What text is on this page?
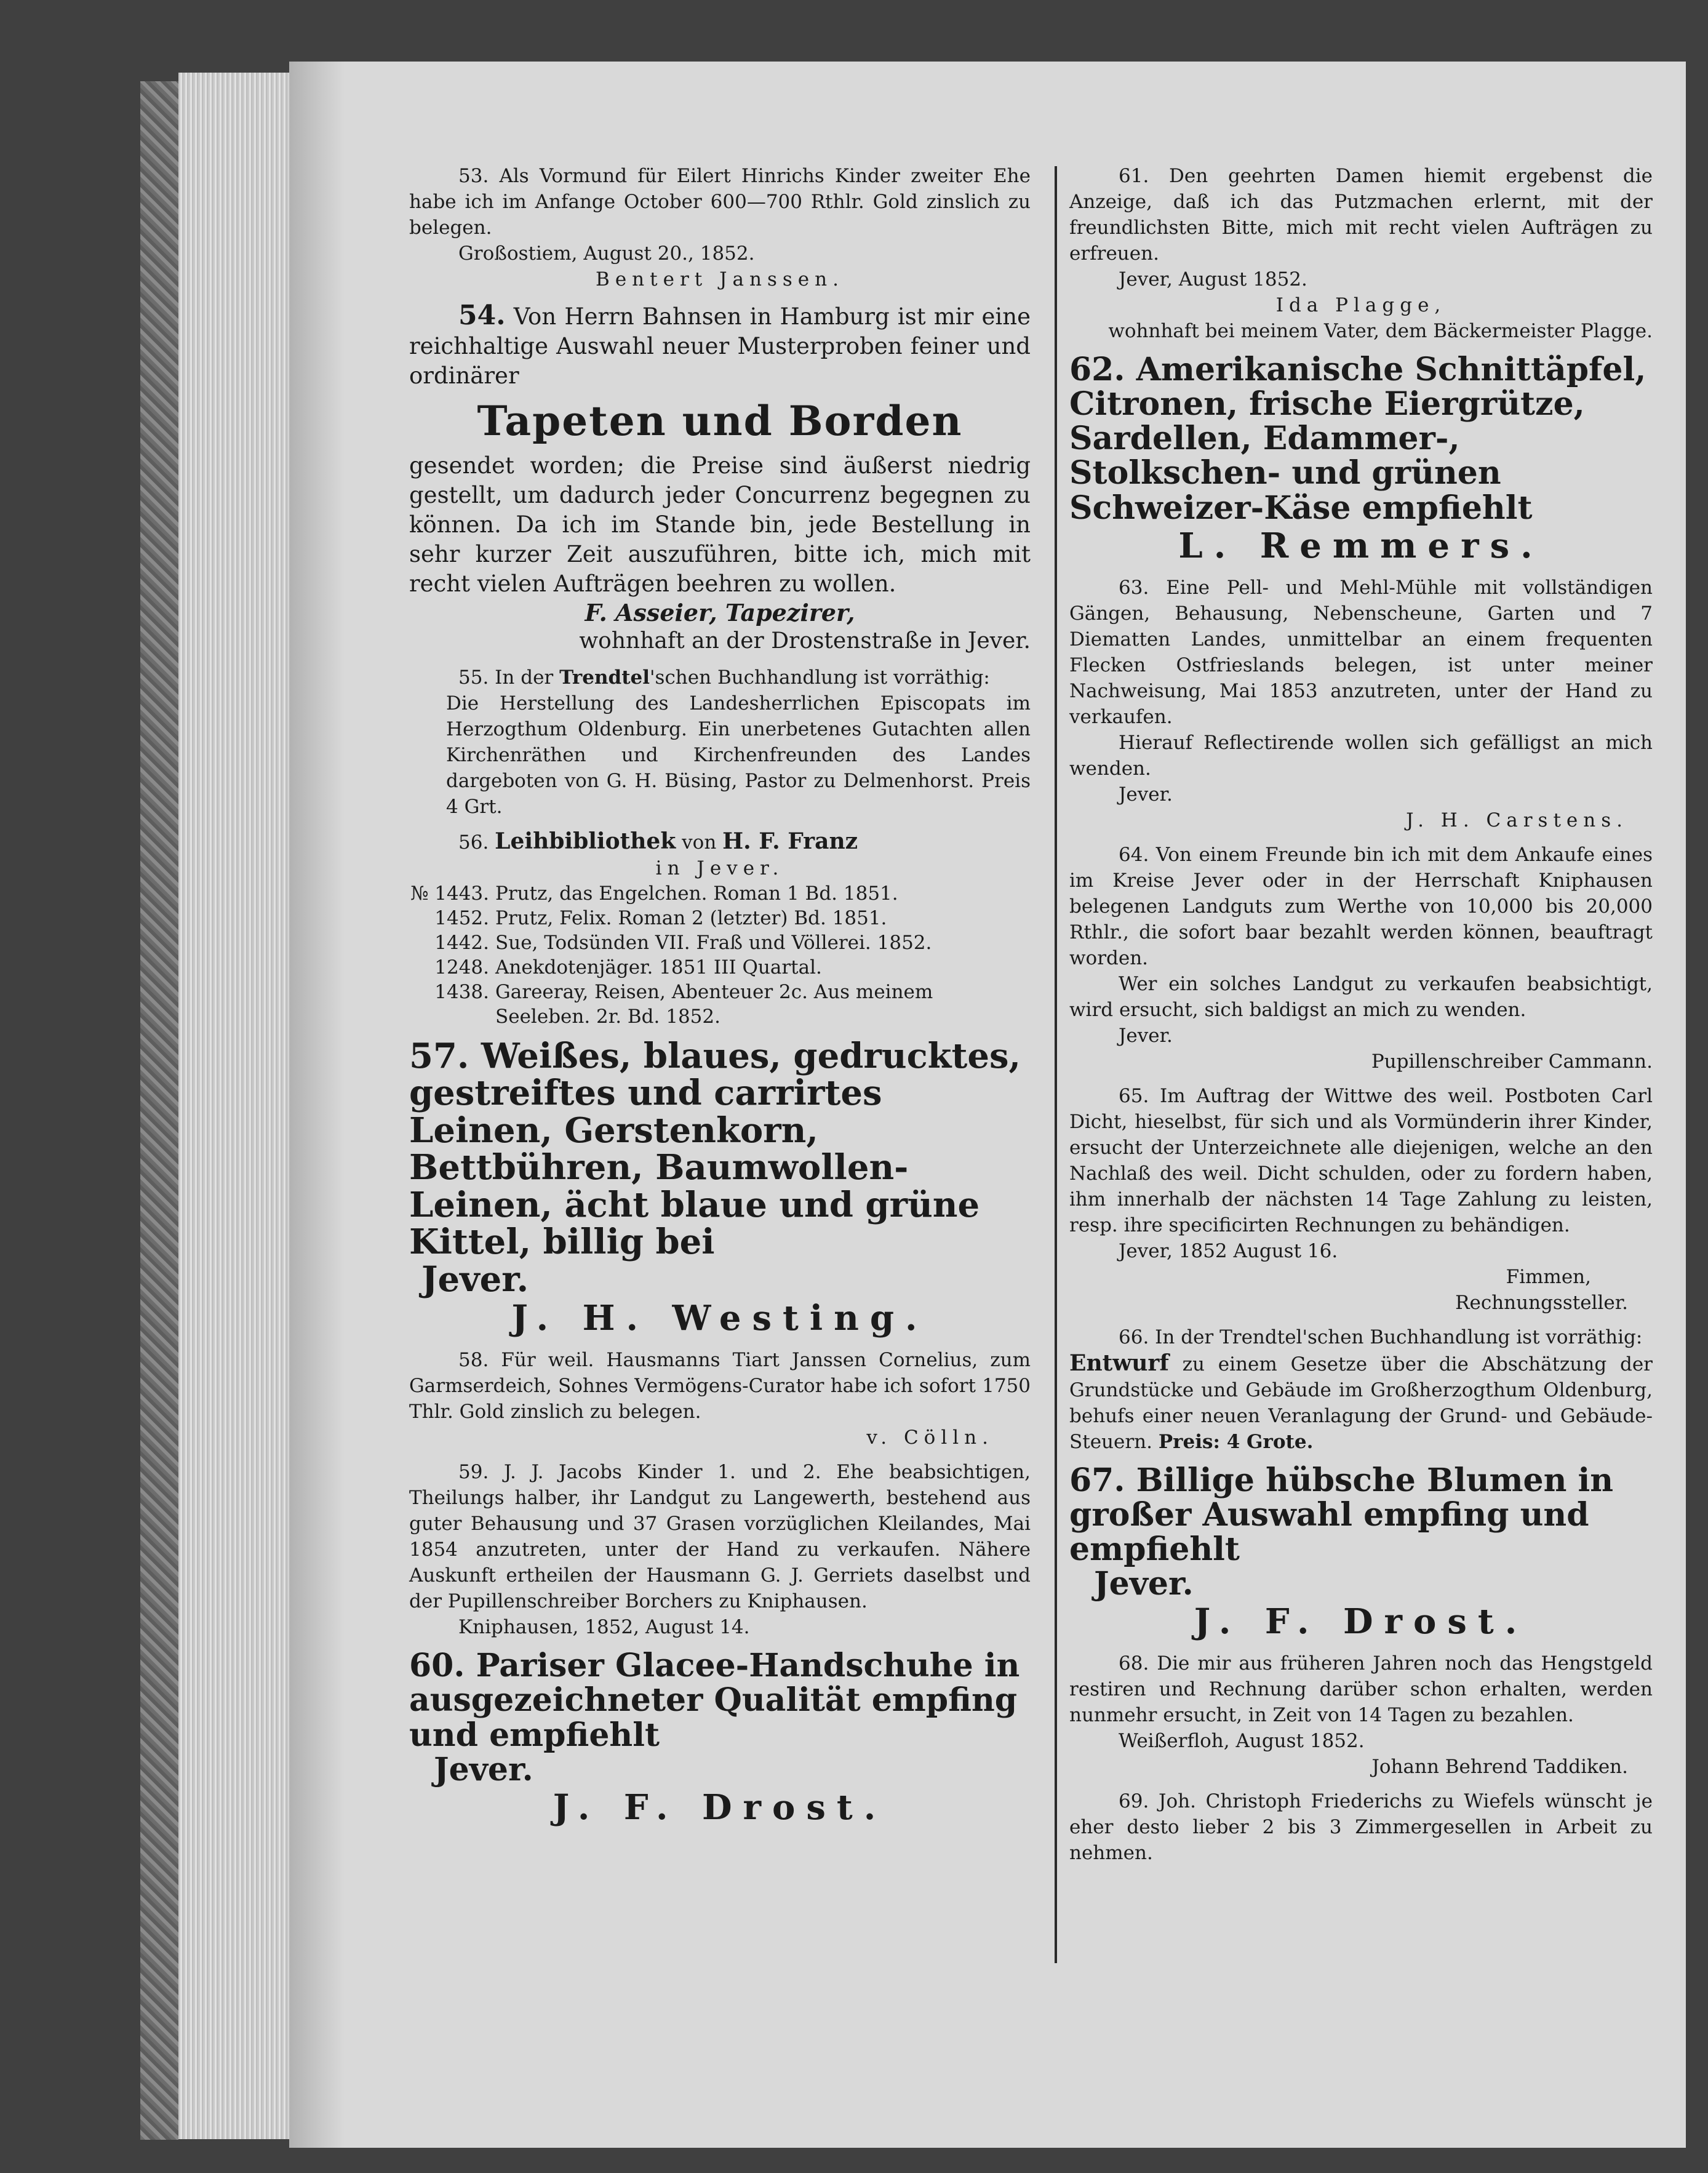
53. Als Vormund für Eilert Hinrichs Kinder zweiter Ehe habe ich im Anfange October 600—700 Rthlr. Gold zinslich zu belegen.

Großostiem, August 20., 1852.

Bentert Janssen.

54. Von Herrn Bahnsen in Hamburg ist mir eine reichhaltige Auswahl neuer Musterproben feiner und ordinärer

Tapeten und Borden

gesendet worden; die Preise sind äußerst niedrig gestellt, um dadurch jeder Concurrenz begegnen zu können. Da ich im Stande bin, jede Bestellung in sehr kurzer Zeit auszuführen, bitte ich, mich mit recht vielen Aufträgen beehren zu wollen.

F. Asseier, Tapezirer,

wohnhaft an der Drostenstraße in Jever.

55. In der Trendtel'schen Buchhandlung ist vorräthig:

Die Herstellung des Landesherrlichen Episcopats im Herzogthum Oldenburg. Ein unerbetenes Gutachten allen Kirchenräthen und Kirchenfreunden des Landes dargeboten von G. H. Büsing, Pastor zu Delmenhorst. Preis 4 Grt.

56. Leihbibliothek von H. F. Franz

in Jever.

№ 1443. Prutz, das Engelchen. Roman 1 Bd. 1851.
1452. Prutz, Felix. Roman 2 (letzter) Bd. 1851.
1442. Sue, Todsünden VII. Fraß und Völlerei. 1852.
1248. Anekdotenjäger. 1851 III Quartal.
1438. Gareeray, Reisen, Abenteuer 2c. Aus meinem Seeleben. 2r. Bd. 1852.

57. Weißes, blaues, gedrucktes, gestreiftes und carrirtes Leinen, Gerstenkorn, Bettbühren, Baumwollen-Leinen, ächt blaue und grüne Kittel, billig bei

Jever.

J. H. Westing.

58. Für weil. Hausmanns Tiart Janssen Cornelius, zum Garmserdeich, Sohnes Vermögens-Curator habe ich sofort 1750 Thlr. Gold zinslich zu belegen.

v. Cölln.

59. J. J. Jacobs Kinder 1. und 2. Ehe beabsichtigen, Theilungs halber, ihr Landgut zu Langewerth, bestehend aus guter Behausung und 37 Grasen vorzüglichen Kleilandes, Mai 1854 anzutreten, unter der Hand zu verkaufen. Nähere Auskunft ertheilen der Hausmann G. J. Gerriets daselbst und der Pupillenschreiber Borchers zu Kniphausen.

Kniphausen, 1852, August 14.

60. Pariser Glacee-Handschuhe in ausgezeichneter Qualität empfing und empfiehlt

Jever.

J. F. Drost.

61. Den geehrten Damen hiemit ergebenst die Anzeige, daß ich das Putzmachen erlernt, mit der freundlichsten Bitte, mich mit recht vielen Aufträgen zu erfreuen.

Jever, August 1852.

Ida Plagge,

wohnhaft bei meinem Vater, dem Bäckermeister Plagge.

62. Amerikanische Schnittäpfel, Citronen, frische Eiergrütze, Sardellen, Edammer-, Stolkschen- und grünen Schweizer-Käse empfiehlt

L. Remmers.

63. Eine Pell- und Mehl-Mühle mit vollständigen Gängen, Behausung, Nebenscheune, Garten und 7 Diematten Landes, unmittelbar an einem frequenten Flecken Ostfrieslands belegen, ist unter meiner Nachweisung, Mai 1853 anzutreten, unter der Hand zu verkaufen.

Hierauf Reflectirende wollen sich gefälligst an mich wenden.

Jever.

J. H. Carstens.

64. Von einem Freunde bin ich mit dem Ankaufe eines im Kreise Jever oder in der Herrschaft Kniphausen belegenen Landguts zum Werthe von 10,000 bis 20,000 Rthlr., die sofort baar bezahlt werden können, beauftragt worden.

Wer ein solches Landgut zu verkaufen beabsichtigt, wird ersucht, sich baldigst an mich zu wenden.

Jever.

Pupillenschreiber Cammann.

65. Im Auftrag der Wittwe des weil. Postboten Carl Dicht, hieselbst, für sich und als Vormünderin ihrer Kinder, ersucht der Unterzeichnete alle diejenigen, welche an den Nachlaß des weil. Dicht schulden, oder zu fordern haben, ihm innerhalb der nächsten 14 Tage Zahlung zu leisten, resp. ihre specificirten Rechnungen zu behändigen.

Jever, 1852 August 16.

Fimmen,

Rechnungssteller.

66. In der Trendtel'schen Buchhandlung ist vorräthig:

Entwurf zu einem Gesetze über die Abschätzung der Grundstücke und Gebäude im Großherzogthum Oldenburg, behufs einer neuen Veranlagung der Grund- und Gebäude-Steuern. Preis: 4 Grote.

67. Billige hübsche Blumen in großer Auswahl empfing und empfiehlt

Jever.

J. F. Drost.

68. Die mir aus früheren Jahren noch das Hengstgeld restiren und Rechnung darüber schon erhalten, werden nunmehr ersucht, in Zeit von 14 Tagen zu bezahlen.

Weißerfloh, August 1852.

Johann Behrend Taddiken.

69. Joh. Christoph Friederichs zu Wiefels wünscht je eher desto lieber 2 bis 3 Zimmergesellen in Arbeit zu nehmen.
